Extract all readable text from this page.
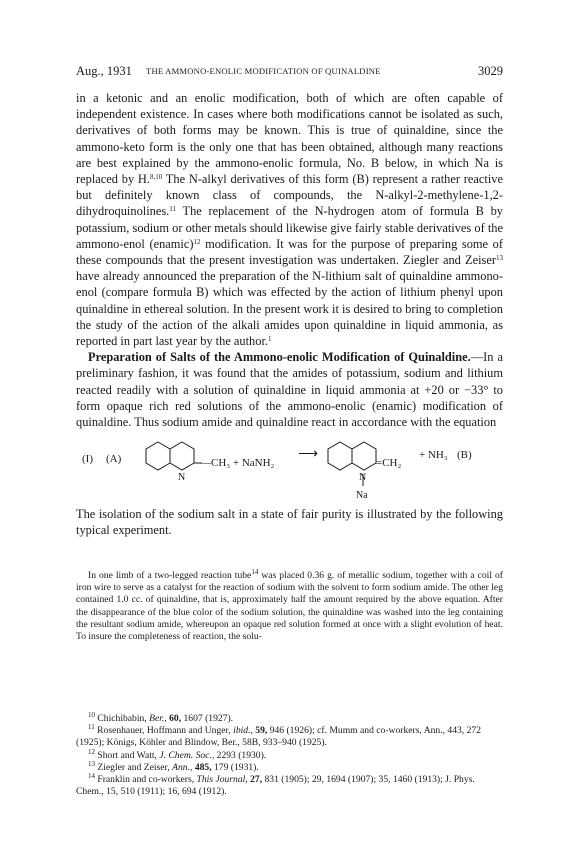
Aug., 1931 THE AMMONO-ENOLIC MODIFICATION OF QUINALDINE	3029

in a ketonic and an enolic modification, both of which are often capable of independent existence. In cases where both modifications cannot be isolated as such, derivatives of both forms may be known. This is true of quinaldine, since the ammono-keto form is the only one that has been obtained, although many reactions are best explained by the ammono-enolic formula, No. B below, in which Na is replaced by H.$^{8,10}$ The N-alkyl derivatives of this form (B) represent a rather reactive but definitely known class of compounds, the N-alkyl-2-methylene-1,2-dihydroquinolines.$^{11}$ The replacement of the N-hydrogen atom of formula B by potassium, sodium or other metals should likewise give fairly stable derivatives of the ammono-enol (enamic)$^{12}$ modification. It was for the purpose of preparing some of these compounds that the present investigation was undertaken. Ziegler and Zeiser$^{13}$ have already announced the preparation of the N-lithium salt of quinaldine ammono-enol (compare formula B) which was effected by the action of lithium phenyl upon quinaldine in ethereal solution. In the present work it is desired to bring to completion the study of the action of the alkali amides upon quinaldine in liquid ammonia, as reported in part last year by the author.$^1$

Preparation of Salts of the Ammono-enolic Modification of Quinaldine.—In a preliminary fashion, it was found that the amides of potassium, sodium and lithium reacted readily with a solution of quinaldine in liquid ammonia at +20 or −33° to form opaque rich red solutions of the ammono-enolic (enamic) modification of quinaldine. Thus sodium amide and quinaldine react in accordance with the equation

(I) (A)
N
—CH₃ + NaNH₂
⟶
N
=CH₂
+ NH₃ (B)
Na

The isolation of the sodium salt in a state of fair purity is illustrated by the following typical experiment.

In one limb of a two-legged reaction tube$^{14}$ was placed 0.36 g. of metallic sodium, together with a coil of iron wire to serve as a catalyst for the reaction of sodium with the solvent to form sodium amide. The other leg contained 1.0 cc. of quinaldine, that is, approximately half the amount required by the above equation. After the disappearance of the blue color of the sodium solution, the quinaldine was washed into the leg containing the resultant sodium amide, whereupon an opaque red solution formed at once with a slight evolution of heat. To insure the completeness of reaction, the solu-

$^{10}$ Chichibabin, Ber., 60, 1607 (1927).

$^{11}$ Rosenhauer, Hoffmann and Unger, ibid., 59, 946 (1926); cf. Mumm and co-workers, Ann., 443, 272 (1925); Königs, Köhler and Blindow, Ber., 58B, 933–940 (1925).

$^{12}$ Short and Watt, J. Chem. Soc., 2293 (1930).

$^{13}$ Ziegler and Zeiser, Ann., 485, 179 (1931).

$^{14}$ Franklin and co-workers, This Journal, 27, 831 (1905); 29, 1694 (1907); 35, 1460 (1913); J. Phys. Chem., 15, 510 (1911); 16, 694 (1912).
